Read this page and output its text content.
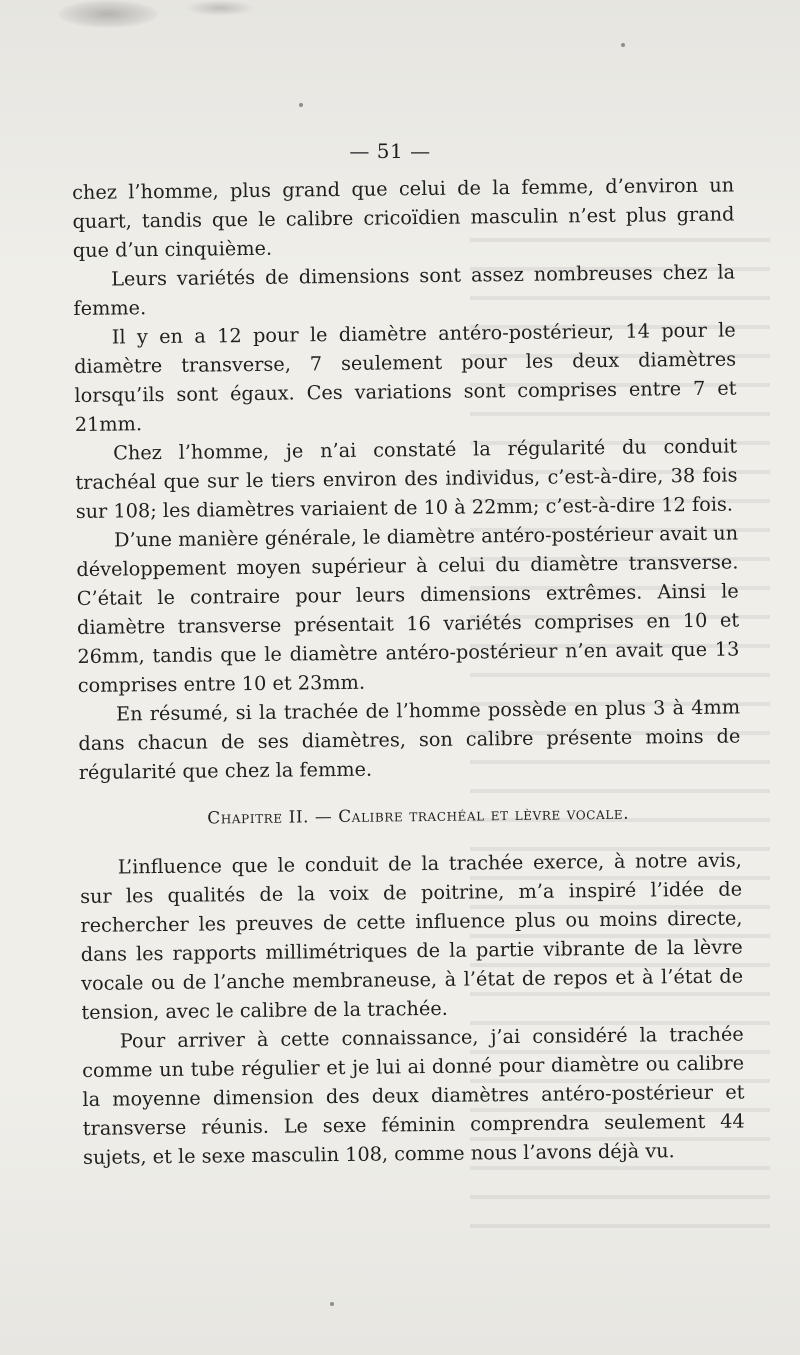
— 51 —

chez l’homme, plus grand que celui de la femme, d’environ un quart, tandis que le calibre cricoïdien masculin n’est plus grand que d’un cinquième.

Leurs variétés de dimensions sont assez nombreuses chez la femme.

Il y en a 12 pour le diamètre antéro-postérieur, 14 pour le diamètre transverse, 7 seulement pour les deux diamètres lorsqu’ils sont égaux. Ces variations sont comprises entre 7 et 21mm.

Chez l’homme, je n’ai constaté la régularité du conduit trachéal que sur le tiers environ des individus, c’est-à-dire, 38 fois sur 108; les diamètres variaient de 10 à 22mm; c’est-à-dire 12 fois.

D’une manière générale, le diamètre antéro-postérieur avait un développement moyen supérieur à celui du diamètre transverse. C’était le contraire pour leurs dimensions extrêmes. Ainsi le diamètre transverse présentait 16 variétés comprises en 10 et 26mm, tandis que le diamètre antéro-postérieur n’en avait que 13 comprises entre 10 et 23mm.

En résumé, si la trachée de l’homme possède en plus 3 à 4mm dans chacun de ses diamètres, son calibre présente moins de régularité que chez la femme.

Chapitre II. — Calibre trachéal et lèvre vocale.

L’influence que le conduit de la trachée exerce, à notre avis, sur les qualités de la voix de poitrine, m’a inspiré l’idée de rechercher les preuves de cette influence plus ou moins directe, dans les rapports millimétriques de la partie vibrante de la lèvre vocale ou de l’anche membraneuse, à l’état de repos et à l’état de tension, avec le calibre de la trachée.

Pour arriver à cette connaissance, j’ai considéré la trachée comme un tube régulier et je lui ai donné pour diamètre ou calibre la moyenne dimension des deux diamètres antéro-postérieur et transverse réunis. Le sexe féminin comprendra seulement 44 sujets, et le sexe masculin 108, comme nous l’avons déjà vu.
